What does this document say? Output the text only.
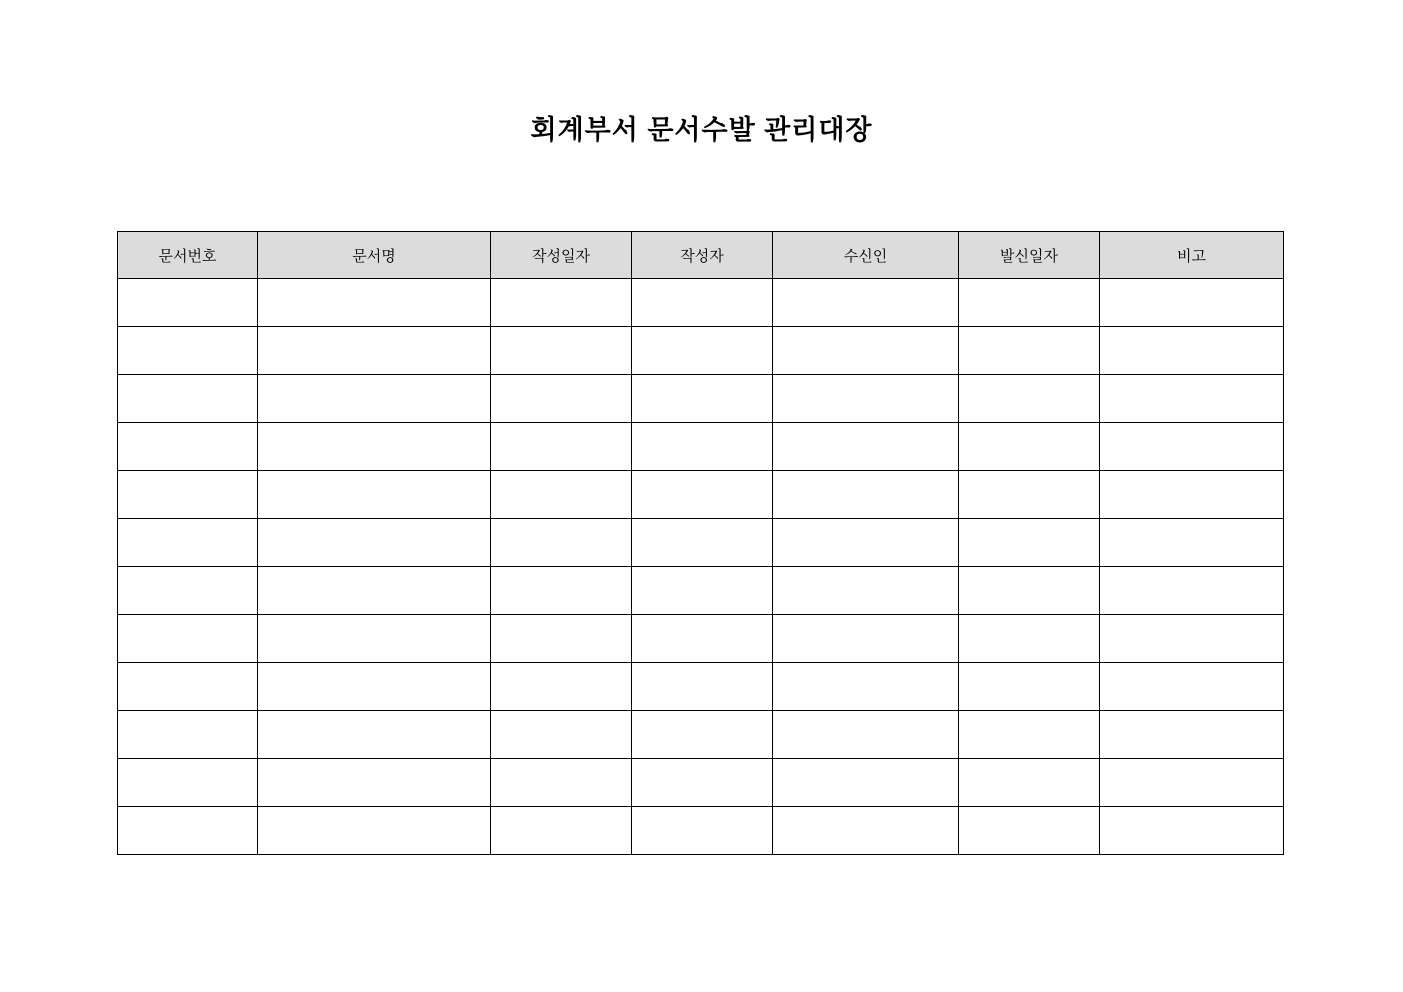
회계부서 문서수발 관리대장
문서번호	문서명	작성일자	작성자	수신인	발신일자	비고
